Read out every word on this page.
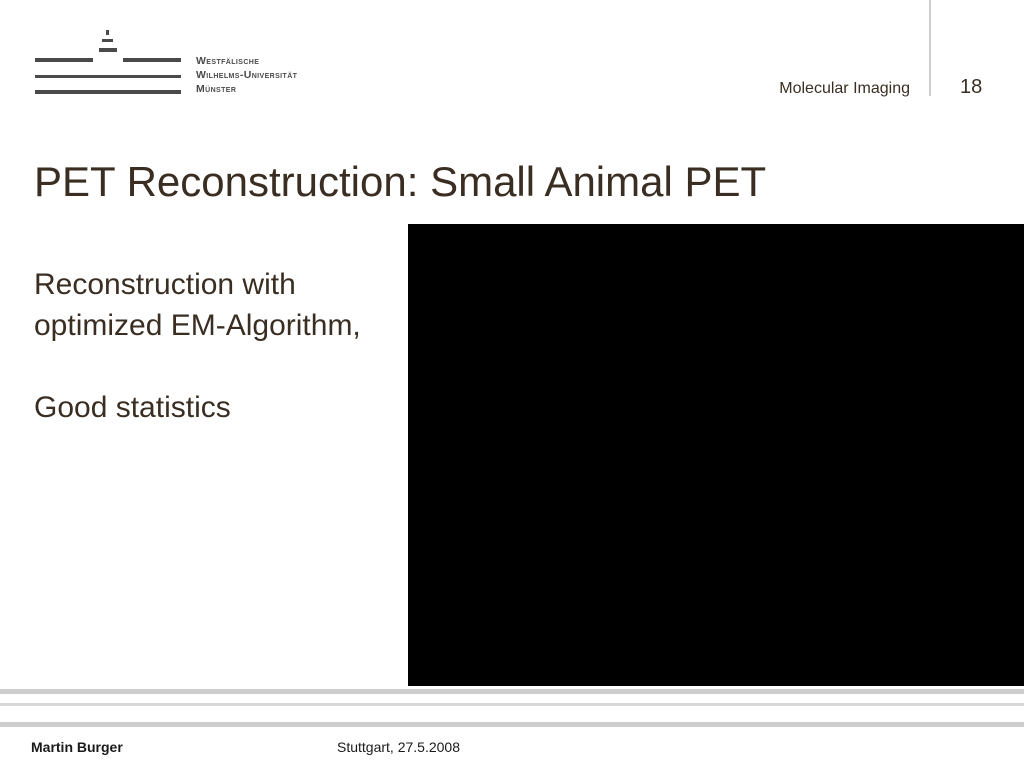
Westfälische
Wilhelms-Universität
Münster	Molecular Imaging	18
PET Reconstruction: Small Animal PET

Reconstruction with

optimized EM-Algorithm,

Good statistics

Martin Burger	Stuttgart, 27.5.2008
